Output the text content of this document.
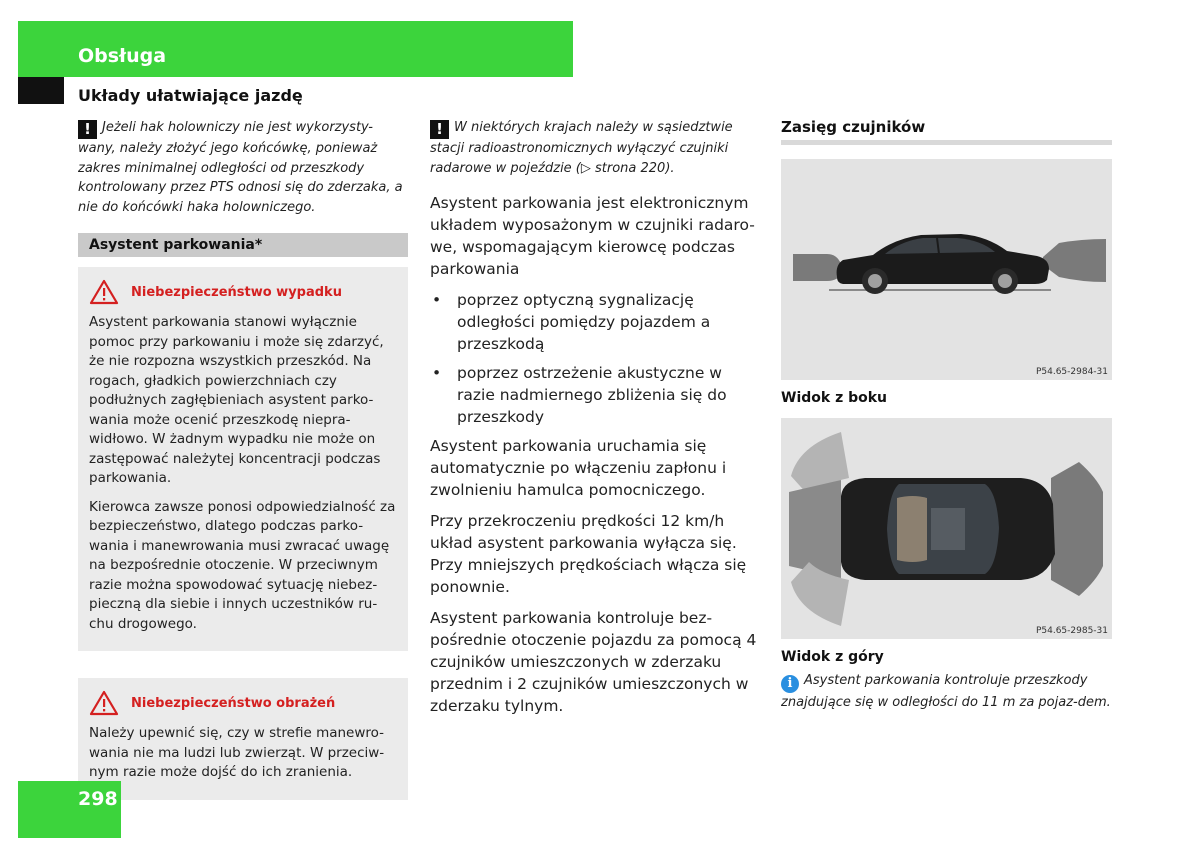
Obsługa
Układy ułatwiające jazdę
! Jeżeli hak holowniczy nie jest wykorzysty-wany, należy złożyć jego końcówkę, ponieważ zakres minimalnej odległości od przeszkody kontrolowany przez PTS odnosi się do zderzaka, a nie do końcówki haka holowniczego.
Asystent parkowania*
Niebezpieczeństwo wypadku

Asystent parkowania stanowi wyłącznie pomoc przy parkowaniu i może się zdarzyć, że nie rozpozna wszystkich przeszkód. Na rogach, gładkich powierzchniach czy podłużnych zagłębieniach asystent parko-wania może ocenić przeszkodę niepra-widłowo. W żadnym wypadku nie może on zastępować należytej koncentracji podczas parkowania.

Kierowca zawsze ponosi odpowiedzialność za bezpieczeństwo, dlatego podczas parko-wania i manewrowania musi zwracać uwagę na bezpośrednie otoczenie. W przeciwnym razie można spowodować sytuację niebez-pieczną dla siebie i innych uczestników ru-chu drogowego.

Niebezpieczeństwo obrażeń

Należy upewnić się, czy w strefie manewro-wania nie ma ludzi lub zwierząt. W przeciw-nym razie może dojść do ich zranienia.

! W niektórych krajach należy w sąsiedztwie stacji radioastronomicznych wyłączyć czujniki radarowe w pojeździe (▷ strona 220).

Asystent parkowania jest elektronicznym układem wyposażonym w czujniki radaro-we, wspomagającym kierowcę podczas parkowania

• poprzez optyczną sygnalizację odległości pomiędzy pojazdem a przeszkodą
• poprzez ostrzeżenie akustyczne w razie nadmiernego zbliżenia się do przeszkody

Asystent parkowania uruchamia się automatycznie po włączeniu zapłonu i zwolnieniu hamulca pomocniczego.

Przy przekroczeniu prędkości 12 km/h układ asystent parkowania wyłącza się. Przy mniejszych prędkościach włącza się ponownie.

Asystent parkowania kontroluje bez-pośrednie otoczenie pojazdu za pomocą 4 czujników umieszczonych w zderzaku przednim i 2 czujników umieszczonych w zderzaku tylnym.

Zasięg czujników
P54.65-2984-31
Widok z boku
P54.65-2985-31
Widok z góry

i Asystent parkowania kontroluje przeszkody znajdujące się w odległości do 11 m za pojaz-dem.

298
